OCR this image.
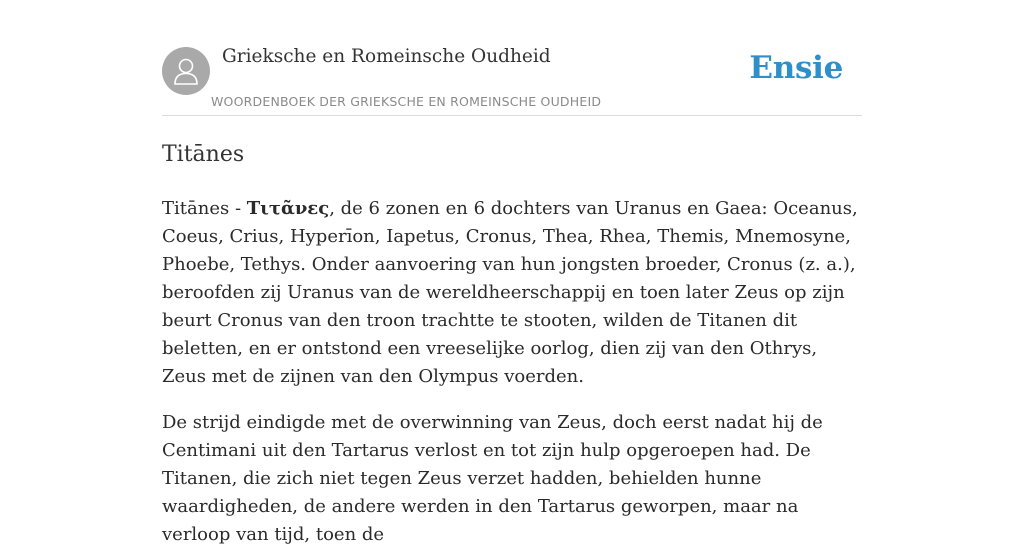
Grieksche en Romeinsche Oudheid
WOORDENBOEK DER GRIEKSCHE EN ROMEINSCHE OUDHEID
Ensie
Titānes

Titānes - Τιτᾶνες, de 6 zonen en 6 dochters van Uranus en Gaea: Oceanus, Coeus, Crius, Hyperīon, Iapetus, Cronus, Thea, Rhea, Themis, Mnemosyne, Phoebe, Tethys. Onder aanvoering van hun jongsten broeder, Cronus (z. a.), beroofden zij Uranus van de wereldheerschappij en toen later Zeus op zijn beurt Cronus van den troon trachtte te stooten, wilden de Titanen dit beletten, en er ontstond een vreeselijke oorlog, dien zij van den Othrys, Zeus met de zijnen van den Olympus voerden.

De strijd eindigde met de overwinning van Zeus, doch eerst nadat hij de Centimani uit den Tartarus verlost en tot zijn hulp opgeroepen had. De Titanen, die zich niet tegen Zeus verzet hadden, behielden hunne waardigheden, de andere werden in den Tartarus geworpen, maar na verloop van tijd, toen de
